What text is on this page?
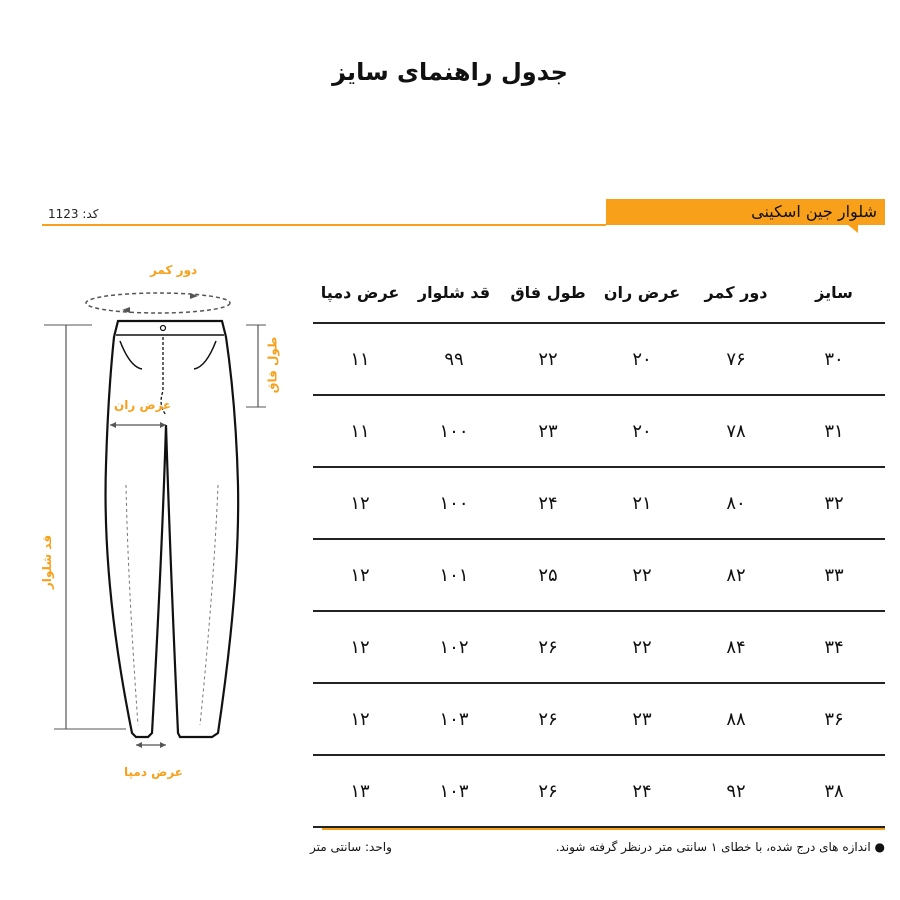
جدول راهنمای سایز
شلوار جین اسکینی
کد: 1123
دور کمر
طول فاق
عرض ران
قد شلوار
عرض دمپا
سایز
دور کمر
عرض ران
طول فاق
قد شلوار
عرض دمپا
۳۰
۷۶
۲۰
۲۲
۹۹
۱۱
۳۱
۷۸
۲۰
۲۳
۱۰۰
۱۱
۳۲
۸۰
۲۱
۲۴
۱۰۰
۱۲
۳۳
۸۲
۲۲
۲۵
۱۰۱
۱۲
۳۴
۸۴
۲۲
۲۶
۱۰۲
۱۲
۳۶
۸۸
۲۳
۲۶
۱۰۳
۱۲
۳۸
۹۲
۲۴
۲۶
۱۰۳
۱۳
● اندازه های درج شده، با خطای ۱ سانتی متر درنظر گرفته شوند.
واحد: سانتی متر
